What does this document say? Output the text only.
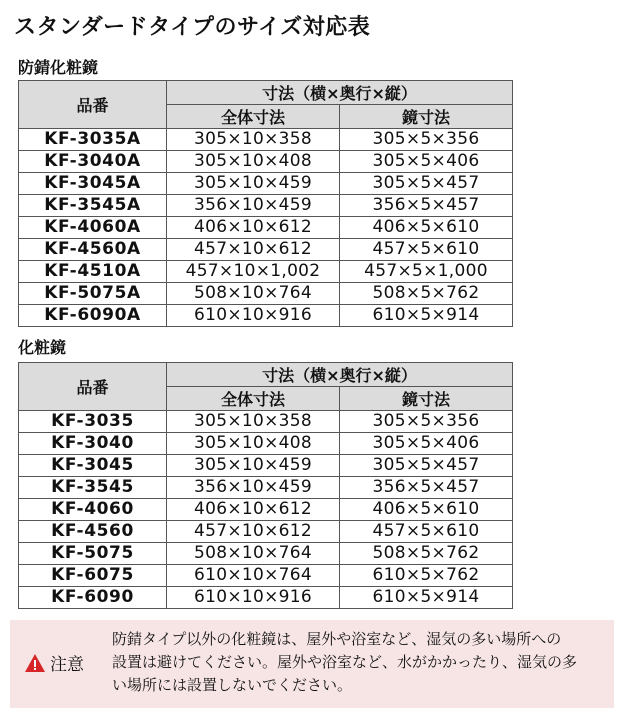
スタンダードタイプのサイズ対応表
防錆化粧鏡
品番	寸法（横×奥行×縦）	
	全体寸法	鏡寸法
KF-3035A	305×10×358	305×5×356
KF-3040A	305×10×408	305×5×406
KF-3045A	305×10×459	305×5×457
KF-3545A	356×10×459	356×5×457
KF-4060A	406×10×612	406×5×610
KF-4560A	457×10×612	457×5×610
KF-4510A	457×10×1,002	457×5×1,000
KF-5075A	508×10×764	508×5×762
KF-6090A	610×10×916	610×5×914
化粧鏡
品番	寸法（横×奥行×縦）	
	全体寸法	鏡寸法
KF-3035	305×10×358	305×5×356
KF-3040	305×10×408	305×5×406
KF-3045	305×10×459	305×5×457
KF-3545	356×10×459	356×5×457
KF-4060	406×10×612	406×5×610
KF-4560	457×10×612	457×5×610
KF-5075	508×10×764	508×5×762
KF-6075	610×10×764	610×5×762
KF-6090	610×10×916	610×5×914
注意
防錆タイプ以外の化粧鏡は、屋外や浴室など、湿気の多い場所への
設置は避けてください。屋外や浴室など、水がかかったり、湿気の多
い場所には設置しないでください。
